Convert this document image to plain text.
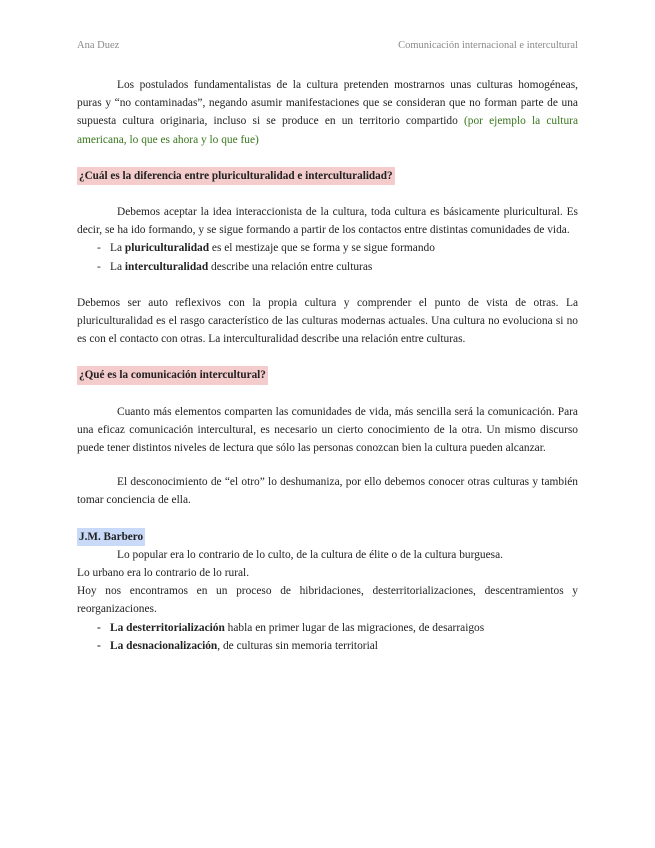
Ana Duez	Comunicación internacional e intercultural

Los postulados fundamentalistas de la cultura pretenden mostrarnos unas culturas homogéneas, puras y “no contaminadas”, negando asumir manifestaciones que se consideran que no forman parte de una supuesta cultura originaria, incluso si se produce en un territorio compartido (por ejemplo la cultura americana, lo que es ahora y lo que fue)

¿Cuál es la diferencia entre pluriculturalidad e interculturalidad?

Debemos aceptar la idea interaccionista de la cultura, toda cultura es básicamente pluricultural. Es decir, se ha ido formando, y se sigue formando a partir de los contactos entre distintas comunidades de vida.

- La pluriculturalidad es el mestizaje que se forma y se sigue formando
- La interculturalidad describe una relación entre culturas

Debemos ser auto reflexivos con la propia cultura y comprender el punto de vista de otras. La pluriculturalidad es el rasgo característico de las culturas modernas actuales. Una cultura no evoluciona si no es con el contacto con otras. La interculturalidad describe una relación entre culturas.

¿Qué es la comunicación intercultural?

Cuanto más elementos comparten las comunidades de vida, más sencilla será la comunicación. Para una eficaz comunicación intercultural, es necesario un cierto conocimiento de la otra. Un mismo discurso puede tener distintos niveles de lectura que sólo las personas conozcan bien la cultura pueden alcanzar.

El desconocimiento de “el otro” lo deshumaniza, por ello debemos conocer otras culturas y también tomar conciencia de ella.

J.M. Barbero

Lo popular era lo contrario de lo culto, de la cultura de élite o de la cultura burguesa.

Lo urbano era lo contrario de lo rural.

Hoy nos encontramos en un proceso de hibridaciones, desterritorializaciones, descentramientos y reorganizaciones.

- La desterritorialización habla en primer lugar de las migraciones, de desarraigos
- La desnacionalización, de culturas sin memoria territorial
